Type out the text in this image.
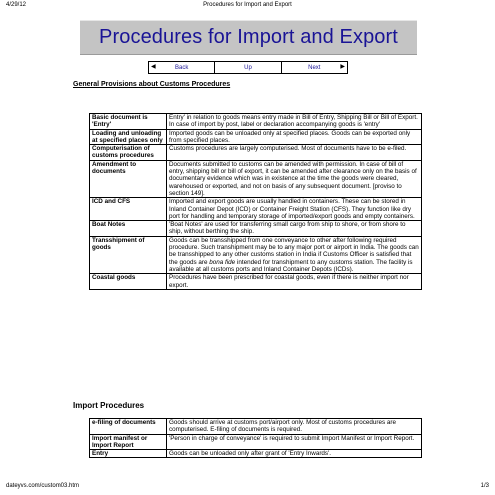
4/29/12	Procedures for Import and Export
Procedures for Import and Export
◀	Back	Up	Next	▶
General Provisions about Customs Procedures
Basic document is 'Entry'	Entry' in relation to goods means entry made in Bill of Entry, Shipping Bill or Bill of Export. In case of import by post, label or declaration accompanying goods is 'entry'
Loading and unloading at specified places only	Imported goods can be unloaded only at specified places. Goods can be exported only from specified places.
Computerisation of customs procedures	Customs procedures are largely computerised. Most of documents have to be e-filed.
Amendment to documents	Documents submitted to customs can be amended with permission. In case of bill of entry, shipping bill or bill of export, it can be amended after clearance only on the basis of documentary evidence which was in existence at the time the goods were cleared, warehoused or exported, and not on basis of any subsequent document. [proviso to section 149].
ICD and CFS	Imported and export goods are usually handled in containers. These can be stored in Inland Container Depot (ICD) or Container Freight Station (CFS). They function like dry port for handling and temporary storage of imported/export goods and empty containers.
Boat Notes	'Boat Notes' are used for transferring small cargo from ship to shore, or from shore to ship, without berthing the ship.
Transshipment of goods	Goods can be transshipped from one conveyance to other after following required procedure. Such transhipment may be to any major port or airport in India. The goods can be transshipped to any other customs station in India if Customs Officer is satisfied that the goods are bona fide intended for transhipment to any customs station. The facility is available at all customs ports and Inland Container Depots (ICDs).
Coastal goods	Procedures have been prescribed for coastal goods, even if there is neither import nor export.
Import Procedures
e-filing of documents	Goods should arrive at customs port/airport only. Most of customs procedures are computerised. E-filing of documents is required.
Import manifest or Import Report	'Person in charge of conveyance' is required to submit Import Manifest or Import Report.
Entry	Goods can be unloaded only after grant of 'Entry Inwards'.
dateyvs.com/custom03.htm	1/3
